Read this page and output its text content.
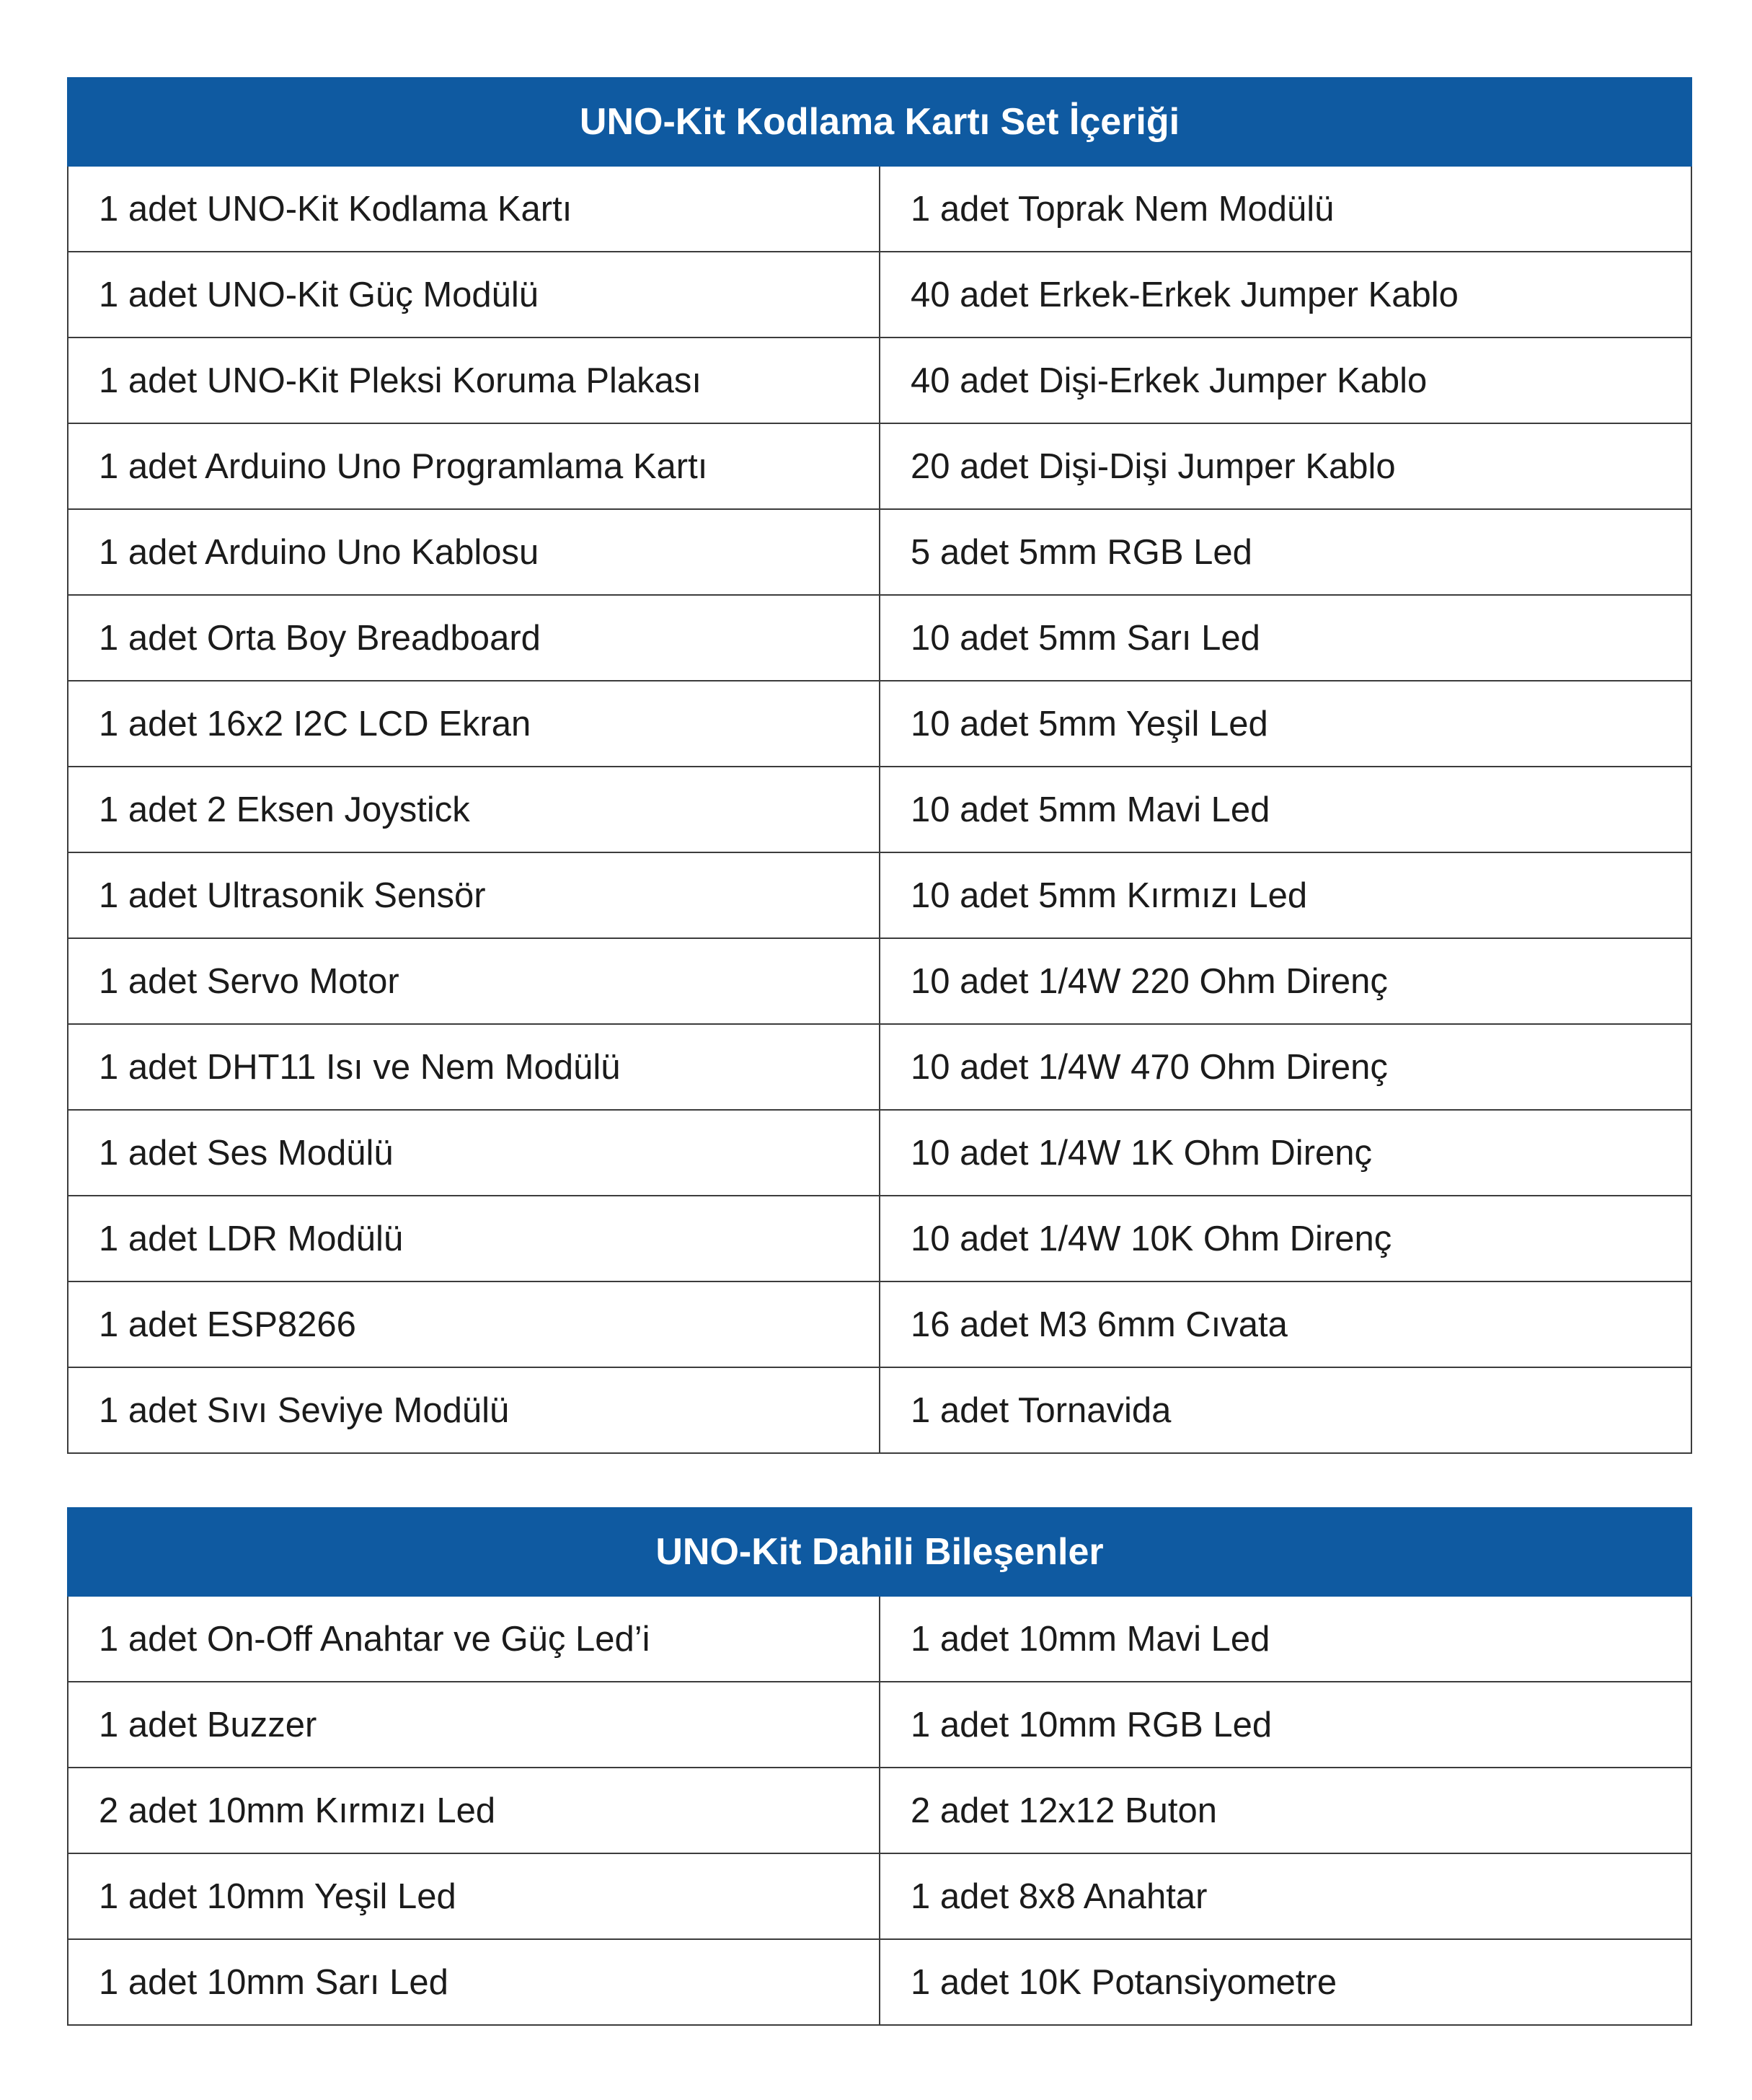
UNO-Kit Kodlama Kartı Set İçeriği	
1 adet UNO-Kit Kodlama Kartı	1 adet Toprak Nem Modülü
1 adet UNO-Kit Güç Modülü	40 adet Erkek-Erkek Jumper Kablo
1 adet UNO-Kit Pleksi Koruma Plakası	40 adet Dişi-Erkek Jumper Kablo
1 adet Arduino Uno Programlama Kartı	20 adet Dişi-Dişi Jumper Kablo
1 adet Arduino Uno Kablosu	5 adet 5mm RGB Led
1 adet Orta Boy Breadboard	10 adet 5mm Sarı Led
1 adet 16x2 I2C LCD Ekran	10 adet 5mm Yeşil Led
1 adet 2 Eksen Joystick	10 adet 5mm Mavi Led
1 adet Ultrasonik Sensör	10 adet 5mm Kırmızı Led
1 adet Servo Motor	10 adet 1/4W 220 Ohm Direnç
1 adet DHT11 Isı ve Nem Modülü	10 adet 1/4W 470 Ohm Direnç
1 adet Ses Modülü	10 adet 1/4W 1K Ohm Direnç
1 adet LDR Modülü	10 adet 1/4W 10K Ohm Direnç
1 adet ESP8266	16 adet M3 6mm Cıvata
1 adet Sıvı Seviye Modülü	1 adet Tornavida
UNO-Kit Dahili Bileşenler	
1 adet On-Off Anahtar ve Güç Led’i	1 adet 10mm Mavi Led
1 adet Buzzer	1 adet 10mm RGB Led
2 adet 10mm Kırmızı Led	2 adet 12x12 Buton
1 adet 10mm Yeşil Led	1 adet 8x8 Anahtar
1 adet 10mm Sarı Led	1 adet 10K Potansiyometre
